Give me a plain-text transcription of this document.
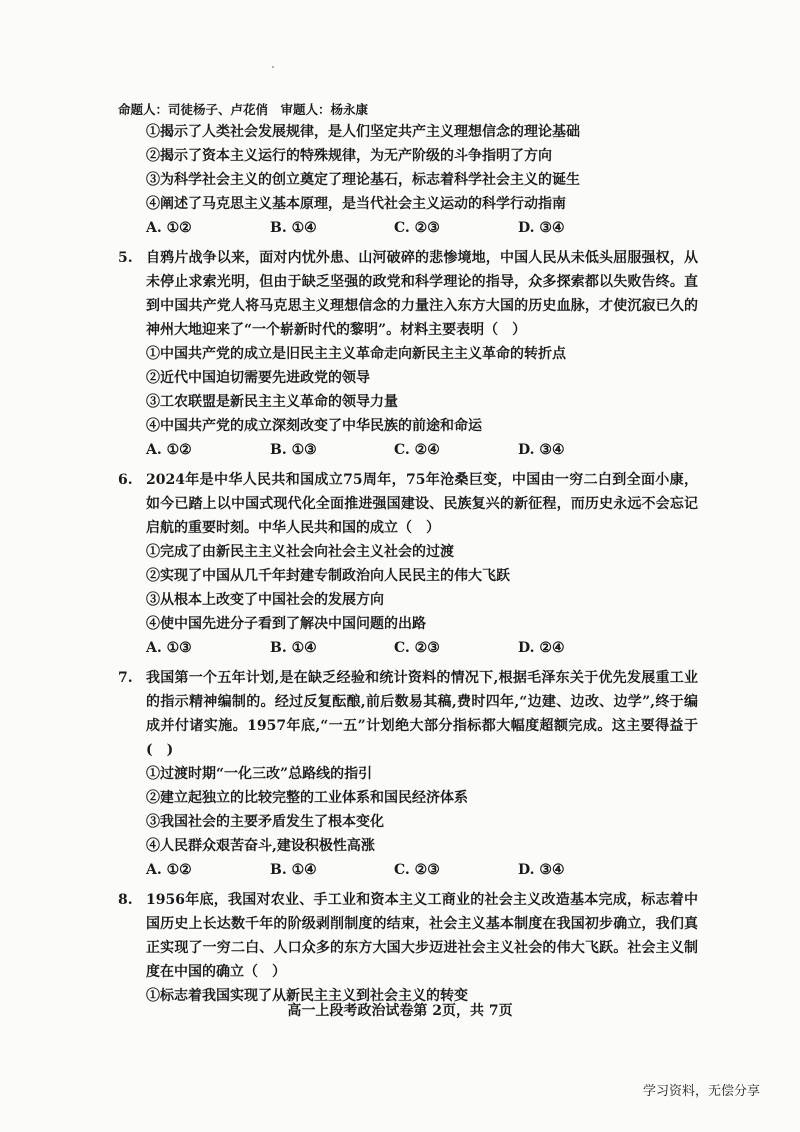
命题人：司徒杨子、卢花俏　审题人：杨永康
①揭示了人类社会发展规律，是人们坚定共产主义理想信念的理论基础
②揭示了资本主义运行的特殊规律，为无产阶级的斗争指明了方向
③为科学社会主义的创立奠定了理论基石，标志着科学社会主义的诞生
④阐述了马克思主义基本原理，是当代社会主义运动的科学行动指南
A. ①②	B. ①④	C. ②③	D. ③④
5. 自鸦片战争以来，面对内忧外患、山河破碎的悲惨境地，中国人民从未低头屈服强权，从未停止求索光明，但由于缺乏坚强的政党和科学理论的指导，众多探索都以失败告终。直到中国共产党人将马克思主义理想信念的力量注入东方大国的历史血脉，才使沉寂已久的神州大地迎来了“一个崭新时代的黎明”。材料主要表明（　）
①中国共产党的成立是旧民主主义革命走向新民主主义革命的转折点
②近代中国迫切需要先进政党的领导
③工农联盟是新民主主义革命的领导力量
④中国共产党的成立深刻改变了中华民族的前途和命运
A. ①②	B. ①③	C. ②④	D. ③④
6. 2024年是中华人民共和国成立75周年，75年沧桑巨变，中国由一穷二白到全面小康，如今已踏上以中国式现代化全面推进强国建设、民族复兴的新征程，而历史永远不会忘记启航的重要时刻。中华人民共和国的成立（　）
①完成了由新民主主义社会向社会主义社会的过渡
②实现了中国从几千年封建专制政治向人民民主的伟大飞跃
③从根本上改变了中国社会的发展方向
④使中国先进分子看到了解决中国问题的出路
A. ①③	B. ①④	C. ②③	D. ②④
7. 我国第一个五年计划,是在缺乏经验和统计资料的情况下,根据毛泽东关于优先发展重工业的指示精神编制的。经过反复酝酿,前后数易其稿,费时四年,“边建、边改、边学”,终于编成并付诸实施。1957年底,“一五”计划绝大部分指标都大幅度超额完成。这主要得益于(　)
①过渡时期“一化三改”总路线的指引
②建立起独立的比较完整的工业体系和国民经济体系
③我国社会的主要矛盾发生了根本变化
④人民群众艰苦奋斗,建设积极性高涨
A. ①②	B. ①④	C. ②③	D. ③④
8. 1956年底，我国对农业、手工业和资本主义工商业的社会主义改造基本完成，标志着中国历史上长达数千年的阶级剥削制度的结束，社会主义基本制度在我国初步确立，我们真正实现了一穷二白、人口众多的东方大国大步迈进社会主义社会的伟大飞跃。社会主义制度在中国的确立（　）
①标志着我国实现了从新民主主义到社会主义的转变
高一上段考政治试卷第 2页，共 7页
学习资料，无偿分享
